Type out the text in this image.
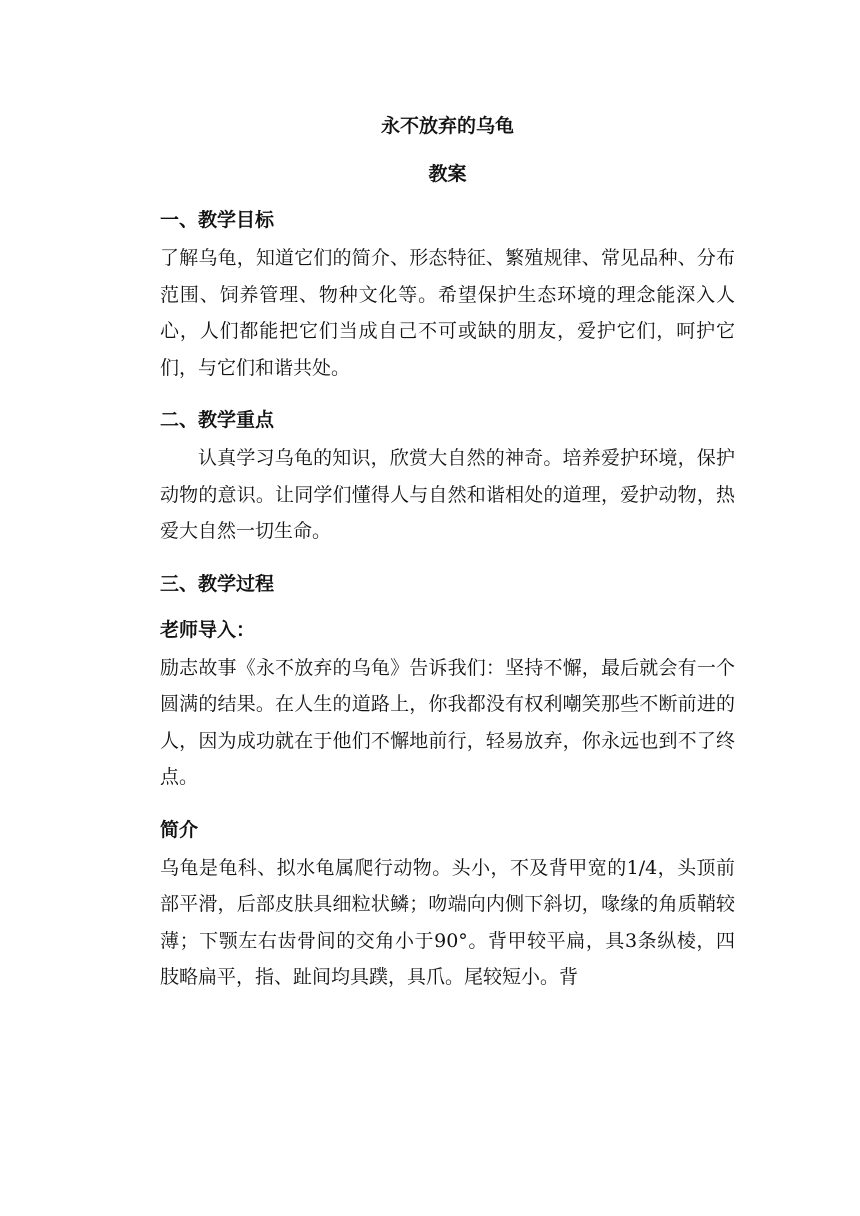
永不放弃的乌龟

教案

一、教学目标

了解乌龟，知道它们的简介、形态特征、繁殖规律、常见品种、分布范围、饲养管理、物种文化等。希望保护生态环境的理念能深入人心，人们都能把它们当成自己不可或缺的朋友，爱护它们，呵护它们，与它们和谐共处。

二、教学重点

认真学习乌龟的知识，欣赏大自然的神奇。培养爱护环境，保护动物的意识。让同学们懂得人与自然和谐相处的道理，爱护动物，热爱大自然一切生命。

三、教学过程

老师导入：

励志故事《永不放弃的乌龟》告诉我们：坚持不懈，最后就会有一个圆满的结果。在人生的道路上，你我都没有权利嘲笑那些不断前进的人，因为成功就在于他们不懈地前行，轻易放弃，你永远也到不了终点。

简介

乌龟是龟科、拟水龟属爬行动物。头小，不及背甲宽的1/4，头顶前部平滑，后部皮肤具细粒状鳞；吻端向内侧下斜切，喙缘的角质鞘较薄；下颚左右齿骨间的交角小于90°。背甲较平扁，具3条纵棱，四肢略扁平，指、趾间均具蹼，具爪。尾较短小。背
